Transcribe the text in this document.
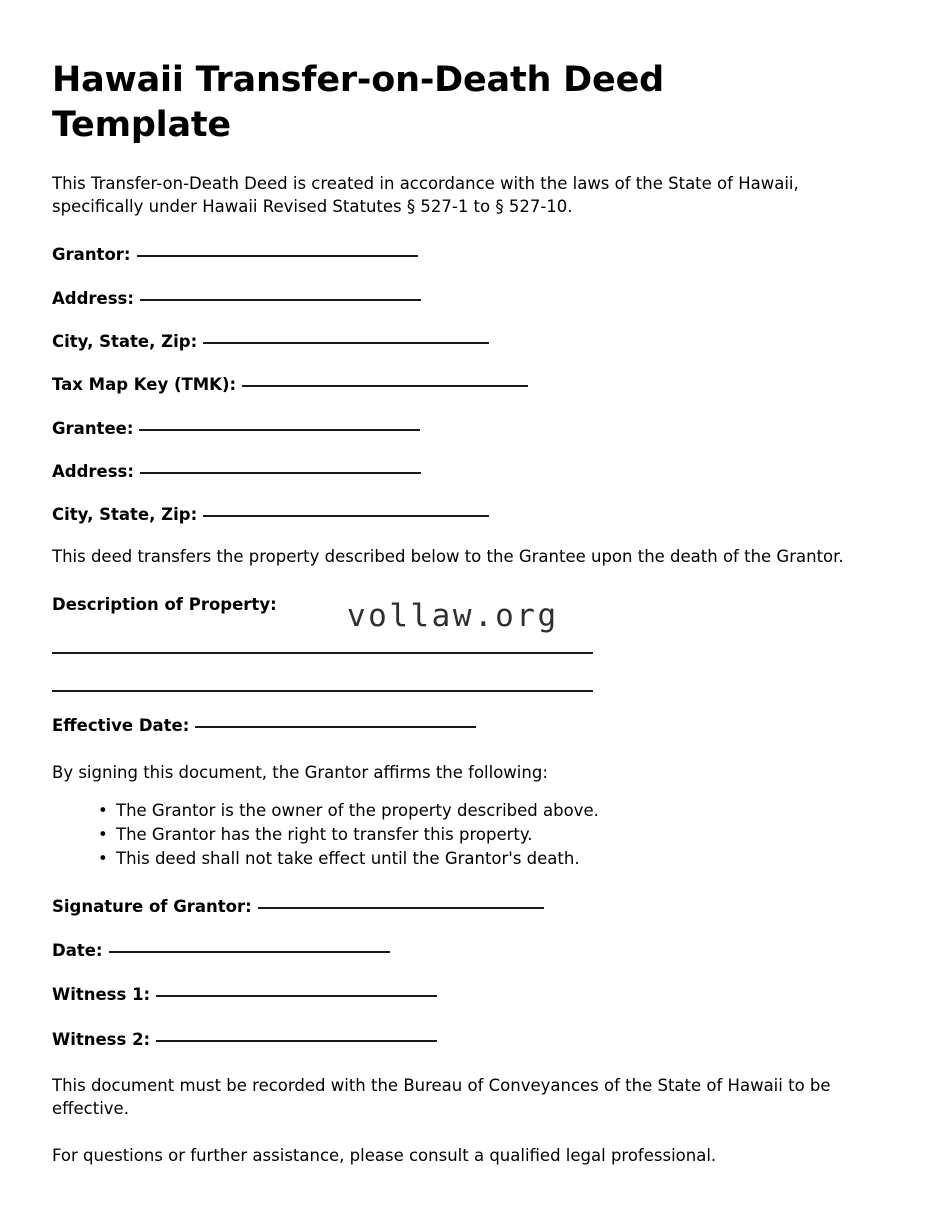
Hawaii Transfer-on-Death Deed Template

This Transfer-on-Death Deed is created in accordance with the laws of the State of Hawaii, specifically under Hawaii Revised Statutes § 527-1 to § 527-10.

Grantor:
Address:
City, State, Zip:
Tax Map Key (TMK):
Grantee:
Address:
City, State, Zip:

This deed transfers the property described below to the Grantee upon the death of the Grantor.

Description of Property:	vollaw.org
Effective Date:

By signing this document, the Grantor affirms the following:

• The Grantor is the owner of the property described above.
• The Grantor has the right to transfer this property.
• This deed shall not take effect until the Grantor's death.
Signature of Grantor:
Date:
Witness 1:
Witness 2:

This document must be recorded with the Bureau of Conveyances of the State of Hawaii to be effective.

For questions or further assistance, please consult a qualified legal professional.
